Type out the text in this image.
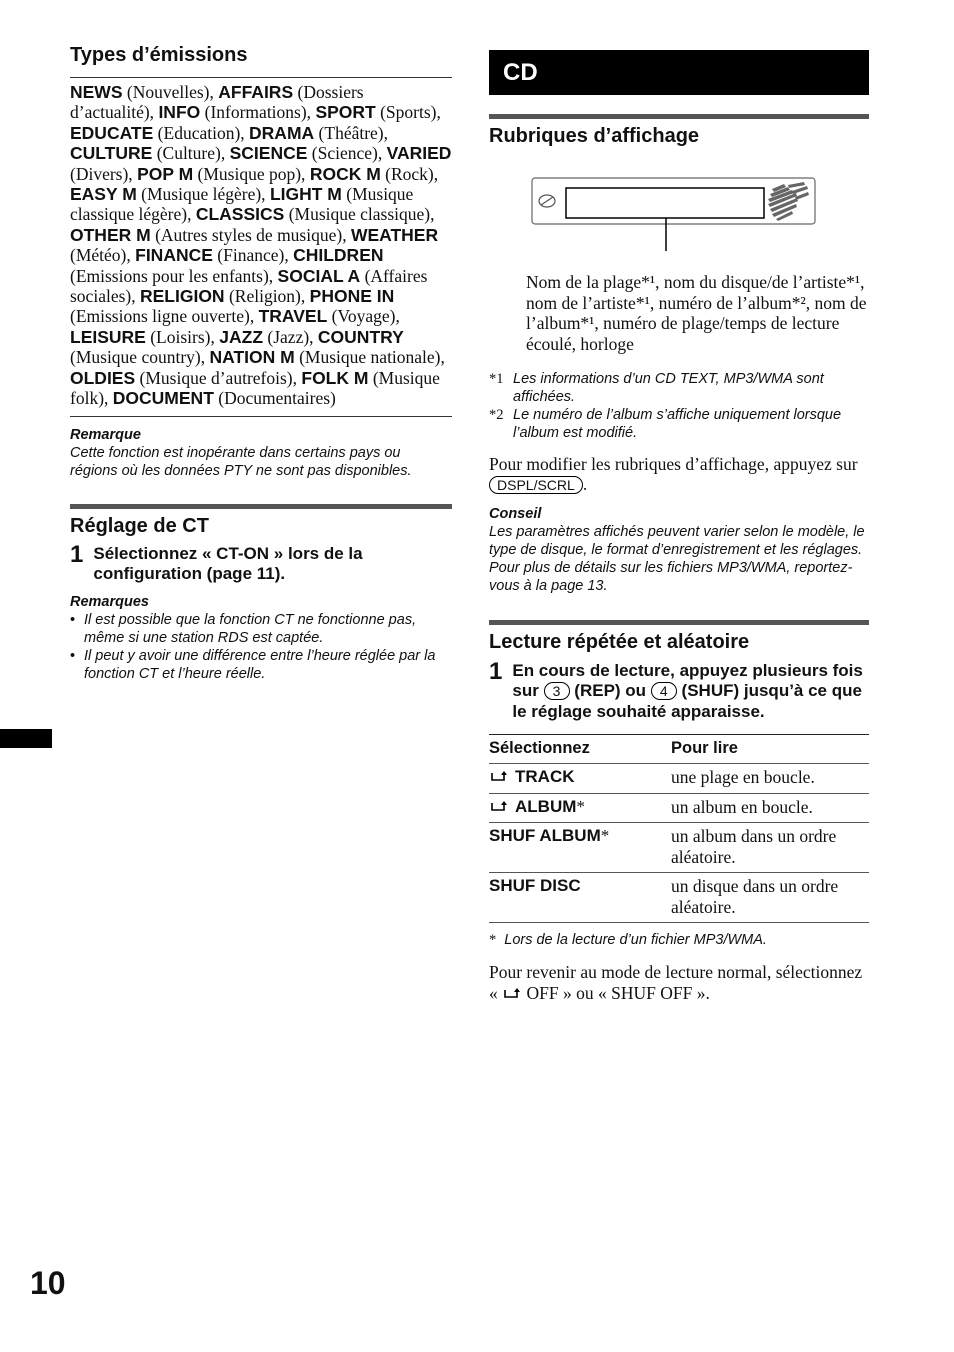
10
Types d’émissions

NEWS (Nouvelles), AFFAIRS (Dossiers d’actualité), INFO (Informations), SPORT (Sports), EDUCATE (Education), DRAMA (Théâtre), CULTURE (Culture), SCIENCE (Science), VARIED (Divers), POP M (Musique pop), ROCK M (Rock), EASY M (Musique légère), LIGHT M (Musique classique légère), CLASSICS (Musique classique), OTHER M (Autres styles de musique), WEATHER (Météo), FINANCE (Finance), CHILDREN (Emissions pour les enfants), SOCIAL A (Affaires sociales), RELIGION (Religion), PHONE IN (Emissions ligne ouverte), TRAVEL (Voyage), LEISURE (Loisirs), JAZZ (Jazz), COUNTRY (Musique country), NATION M (Musique nationale), OLDIES (Musique d’autrefois), FOLK M (Musique folk), DOCUMENT (Documentaires)

Remarque

Cette fonction est inopérante dans certains pays ou régions où les données PTY ne sont pas disponibles.

Réglage de CT
1 Sélectionnez « CT-ON » lors de la configuration (page 11).

Remarques

• Il est possible que la fonction CT ne fonctionne pas, même si une station RDS est captée.
• Il peut y avoir une différence entre l’heure réglée par la fonction CT et l’heure réelle.
CD
Rubriques d’affichage

Nom de la plage*¹, nom du disque/de l’artiste*¹, nom de l’artiste*¹, numéro de l’album*², nom de l’album*¹, numéro de plage/temps de lecture écoulé, horloge

*1 Les informations d’un CD TEXT, MP3/WMA sont affichées.
*2 Le numéro de l’album s’affiche uniquement lorsque l’album est modifié.

Pour modifier les rubriques d’affichage, appuyez sur DSPL/SCRL .

Conseil

Les paramètres affichés peuvent varier selon le modèle, le type de disque, le format d’enregistrement et les réglages. Pour plus de détails sur les fichiers MP3/WMA, reportez-vous à la page 13.

Lecture répétée et aléatoire
1 En cours de lecture, appuyez plusieurs fois sur 3 (REP) ou 4 (SHUF) jusqu’à ce que le réglage souhaité apparaisse.
Sélectionnez	Pour lire
TRACK	une plage en boucle.
ALBUM*	un album en boucle.
SHUF ALBUM*	un album dans un ordre aléatoire.
SHUF DISC	un disque dans un ordre aléatoire.
* Lors de la lecture d’un fichier MP3/WMA.

Pour revenir au mode de lecture normal, sélectionnez « OFF » ou « SHUF OFF ».
